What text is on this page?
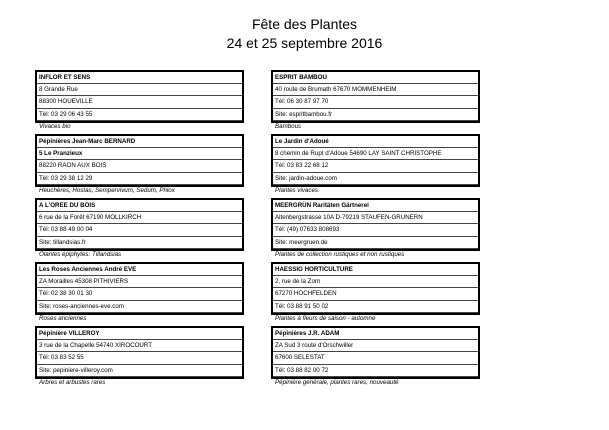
Fête des Plantes
24 et 25 septembre 2016
INFLOR ET SENS
8 Grande Rue
88300 HOUEVILLE
Tél: 03 29 06 43 55
Vivaces bio
ESPRIT BAMBOU
40 route de Brumath 67670 MOMMENHEIM
Tél: 06 30 87 97 70
Site: espritbambou.fr
Bambous
Pépinières Jean-Marc BERNARD
5 Le Pranzieux
88220 RAON AUX BOIS
Tél: 03 29 38 12 29
Heuchères, Hostas, Sempervivum, Sedum, Phlox
Le Jardin d'Adoué
8 chemin de Rupt d'Adoue 54690 LAY SAINT CHRISTOPHE
Tél: 03 83 22 68 12
Site: jardin-adoue.com
Plantes vivaces
A L'OREE DU BOIS
6 rue de la Forêt 67190 MOLLKIRCH
Tél: 03 88 49 00 04
Site: tillandsias.fr
Olantes épiphytes: Tillandsias
MEERGRÜN Raritäten Gärtnerei
Altenbergstrasse 10A D-79219 STAUFEN-GRUNERN
Tél: (49) 07633 808693
Site: meergruen.de
Plantes de collection rustiques et non rustiques
Les Roses Anciennes André EVE
ZA Morailles 45308 PITHIVIERS
Tél: 02 38 30 01 30
Site: roses-anciennes-eve.com
Roses anciennes
HAESSIG HORTICULTURE
2, rue de la Zorn
67270 HOCHFELDEN
Tél: 03 88 91 50 02
Plantes à fleurs de saison - automne
Pépinière VILLEROY
3 rue de la Chapelle 54740 XIROCOURT
Tél: 03 83 52 55
Site: pepiniere-villeroy.com
Arbres et arbustes rares
Pépinières J.R. ADAM
ZA Sud 3 route d'Orschwiller
67600 SELESTAT
Tél: 03 88 82 00 72
Pépinière générale, plantes rares, nouveauté
